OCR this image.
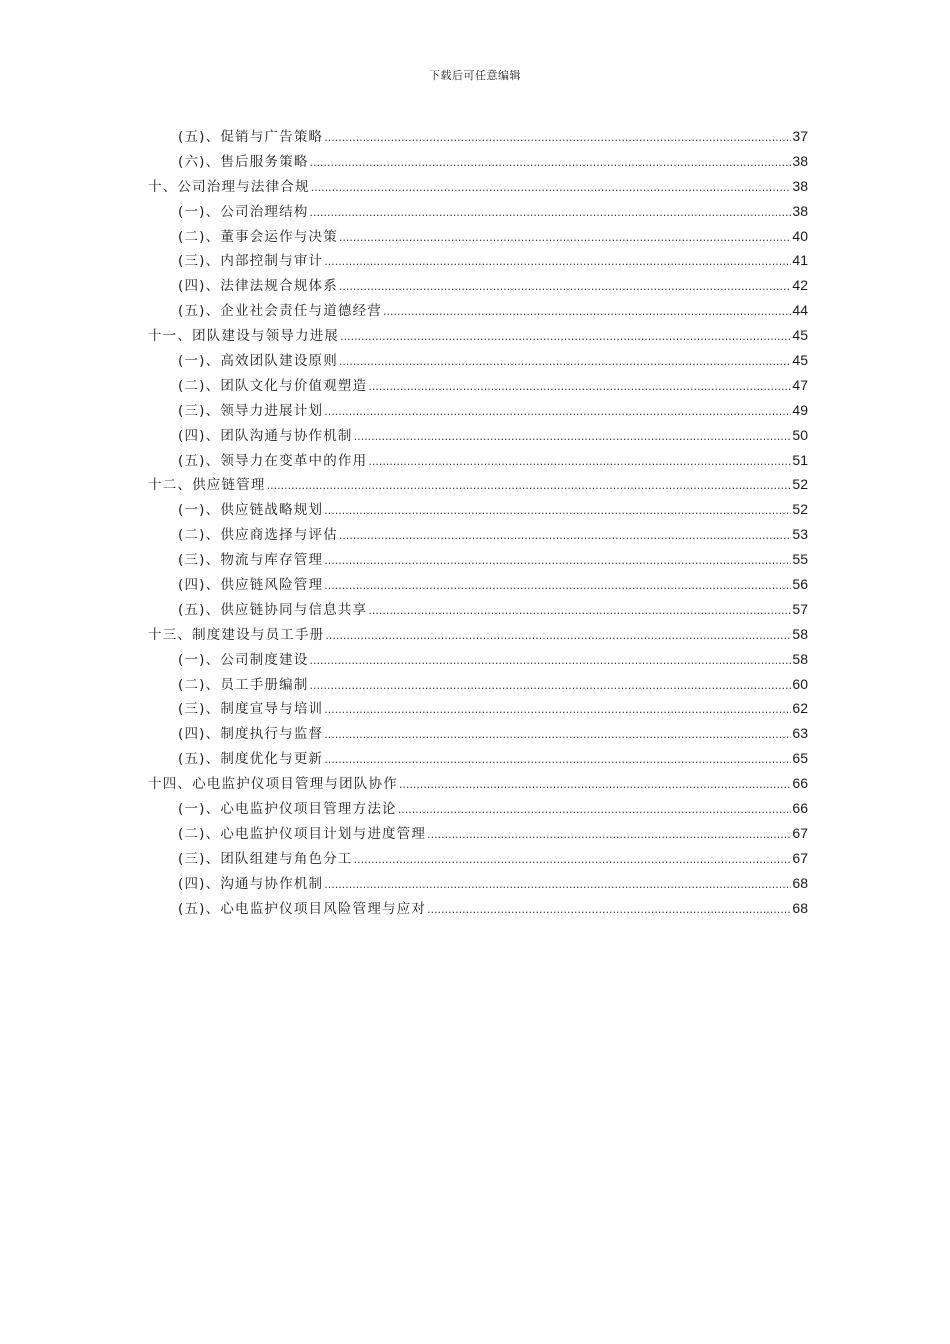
下载后可任意编辑
(五)、促销与广告策略 .....	37
(六)、售后服务策略 .....	38
十、公司治理与法律合规 .....	38
(一)、公司治理结构 .....	38
(二)、董事会运作与决策 .....	40
(三)、内部控制与审计 .....	41
(四)、法律法规合规体系 .....	42
(五)、企业社会责任与道德经营 .....	44
十一、团队建设与领导力进展 .....	45
(一)、高效团队建设原则 .....	45
(二)、团队文化与价值观塑造 .....	47
(三)、领导力进展计划 .....	49
(四)、团队沟通与协作机制 .....	50
(五)、领导力在变革中的作用 .....	51
十二、供应链管理 .....	52
(一)、供应链战略规划 .....	52
(二)、供应商选择与评估 .....	53
(三)、物流与库存管理 .....	55
(四)、供应链风险管理 .....	56
(五)、供应链协同与信息共享 .....	57
十三、制度建设与员工手册 .....	58
(一)、公司制度建设 .....	58
(二)、员工手册编制 .....	60
(三)、制度宣导与培训 .....	62
(四)、制度执行与监督 .....	63
(五)、制度优化与更新 .....	65
十四、心电监护仪项目管理与团队协作 .....	66
(一)、心电监护仪项目管理方法论 .....	66
(二)、心电监护仪项目计划与进度管理 .....	67
(三)、团队组建与角色分工 .....	67
(四)、沟通与协作机制 .....	68
(五)、心电监护仪项目风险管理与应对 .....	68
